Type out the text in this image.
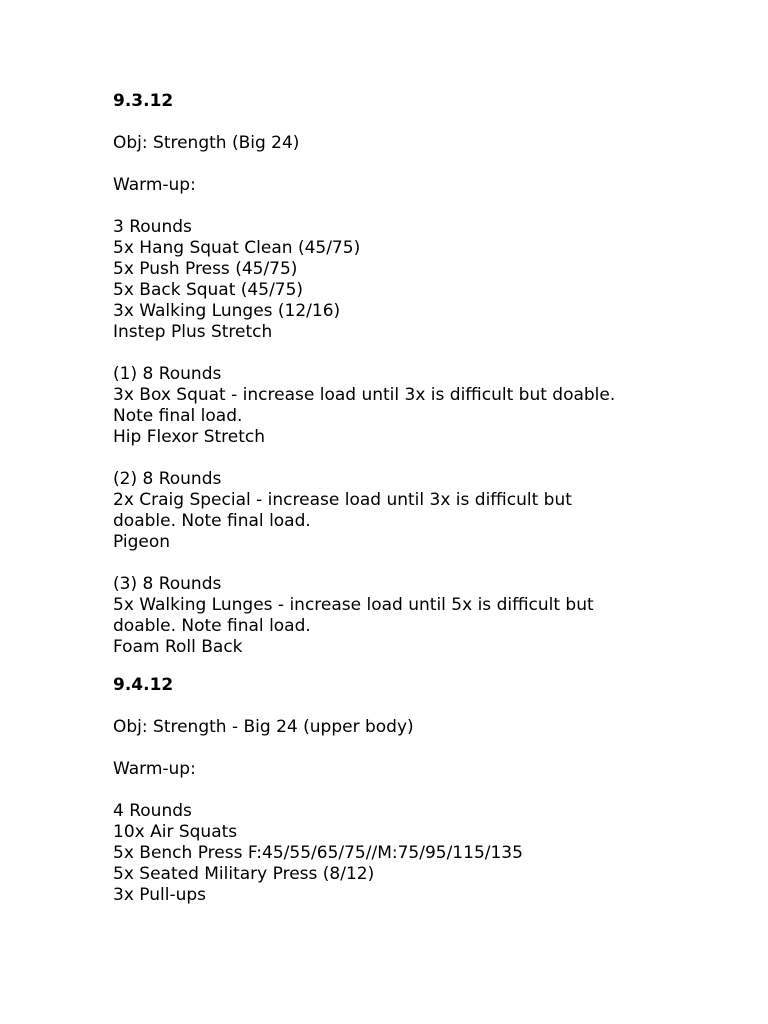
9.3.12
Obj: Strength (Big 24)
Warm-up:
3 Rounds
5x Hang Squat Clean (45/75)
5x Push Press (45/75)
5x Back Squat (45/75)
3x Walking Lunges (12/16)
Instep Plus Stretch
(1) 8 Rounds
3x Box Squat - increase load until 3x is difficult but doable.
Note final load.
Hip Flexor Stretch
(2) 8 Rounds
2x Craig Special - increase load until 3x is difficult but
doable. Note final load.
Pigeon
(3) 8 Rounds
5x Walking Lunges - increase load until 5x is difficult but
doable. Note final load.
Foam Roll Back
9.4.12
Obj: Strength - Big 24 (upper body)
Warm-up:
4 Rounds
10x Air Squats
5x Bench Press F:45/55/65/75//M:75/95/115/135
5x Seated Military Press (8/12)
3x Pull-ups
